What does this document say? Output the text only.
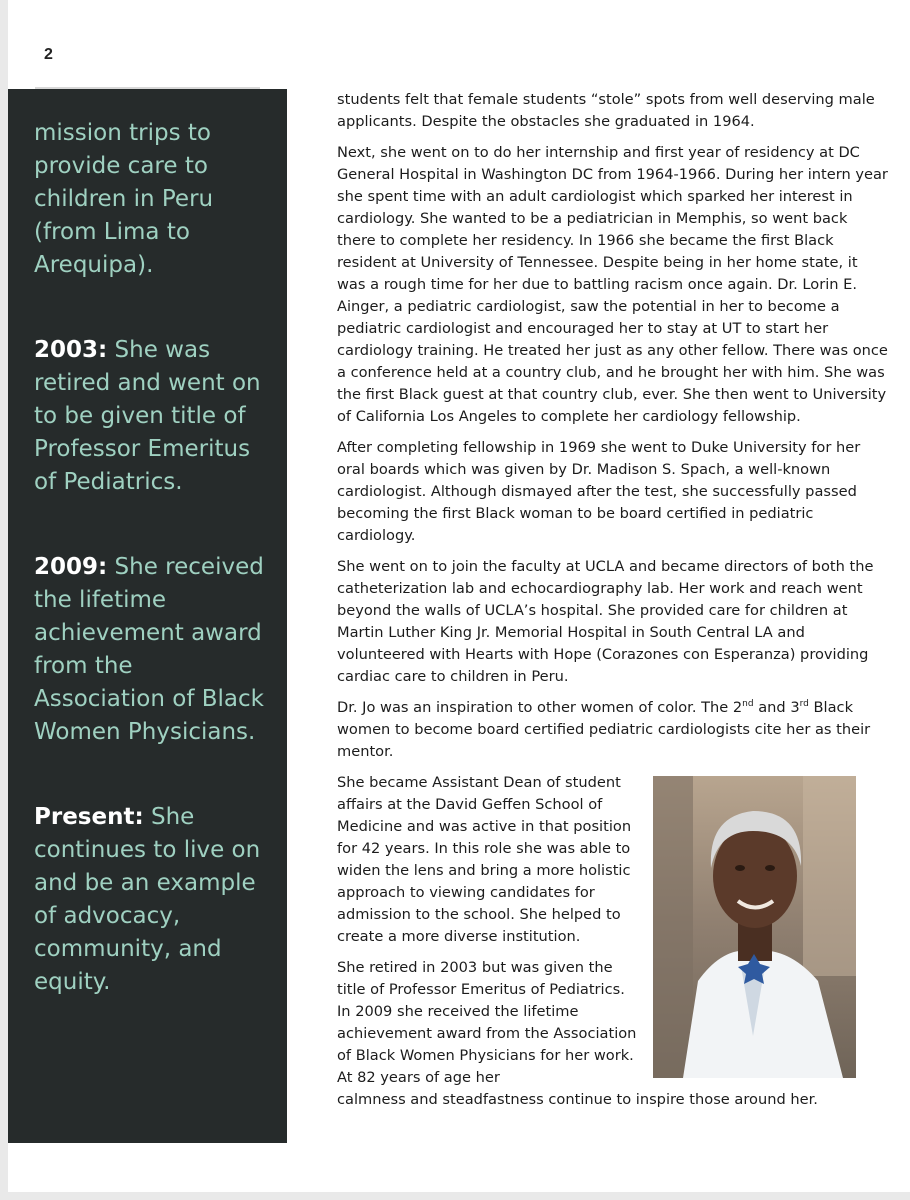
2
mission trips to
provide care to
children in Peru
(from Lima to
Arequipa).
2003: She was
retired and went on
to be given title of
Professor Emeritus
of Pediatrics.
2009: She received
the lifetime
achievement award
from the
Association of Black
Women Physicians.
Present: She
continues to live on
and be an example
of advocacy,
community, and
equity.

students felt that female students “stole” spots from well deserving male applicants. Despite the obstacles she graduated in 1964.

Next, she went on to do her internship and first year of residency at DC General Hospital in Washington DC from 1964-1966. During her intern year she spent time with an adult cardiologist which sparked her interest in cardiology. She wanted to be a pediatrician in Memphis, so went back there to complete her residency. In 1966 she became the first Black resident at University of Tennessee. Despite being in her home state, it was a rough time for her due to battling racism once again. Dr. Lorin E. Ainger, a pediatric cardiologist, saw the potential in her to become a pediatric cardiologist and encouraged her to stay at UT to start her cardiology training. He treated her just as any other fellow. There was once a conference held at a country club, and he brought her with him. She was the first Black guest at that country club, ever. She then went to University of California Los Angeles to complete her cardiology fellowship.

After completing fellowship in 1969 she went to Duke University for her oral boards which was given by Dr. Madison S. Spach, a well-known cardiologist. Although dismayed after the test, she successfully passed becoming the first Black woman to be board certified in pediatric cardiology.

She went on to join the faculty at UCLA and became directors of both the catheterization lab and echocardiography lab. Her work and reach went beyond the walls of UCLA’s hospital. She provided care for children at Martin Luther King Jr. Memorial Hospital in South Central LA and volunteered with Hearts with Hope (Corazones con Esperanza) providing cardiac care to children in Peru.

Dr. Jo was an inspiration to other women of color. The 2nd and 3rd Black women to become board certified pediatric cardiologists cite her as their mentor.

She became Assistant Dean of student affairs at the David Geffen School of Medicine and was active in that position for 42 years. In this role she was able to widen the lens and bring a more holistic approach to viewing candidates for admission to the school. She helped to create a more diverse institution.

She retired in 2003 but was given the title of Professor Emeritus of Pediatrics. In 2009 she received the lifetime achievement award from the Association of Black Women Physicians for her work. At 82 years of age her
calmness and steadfastness continue to inspire those around her.
